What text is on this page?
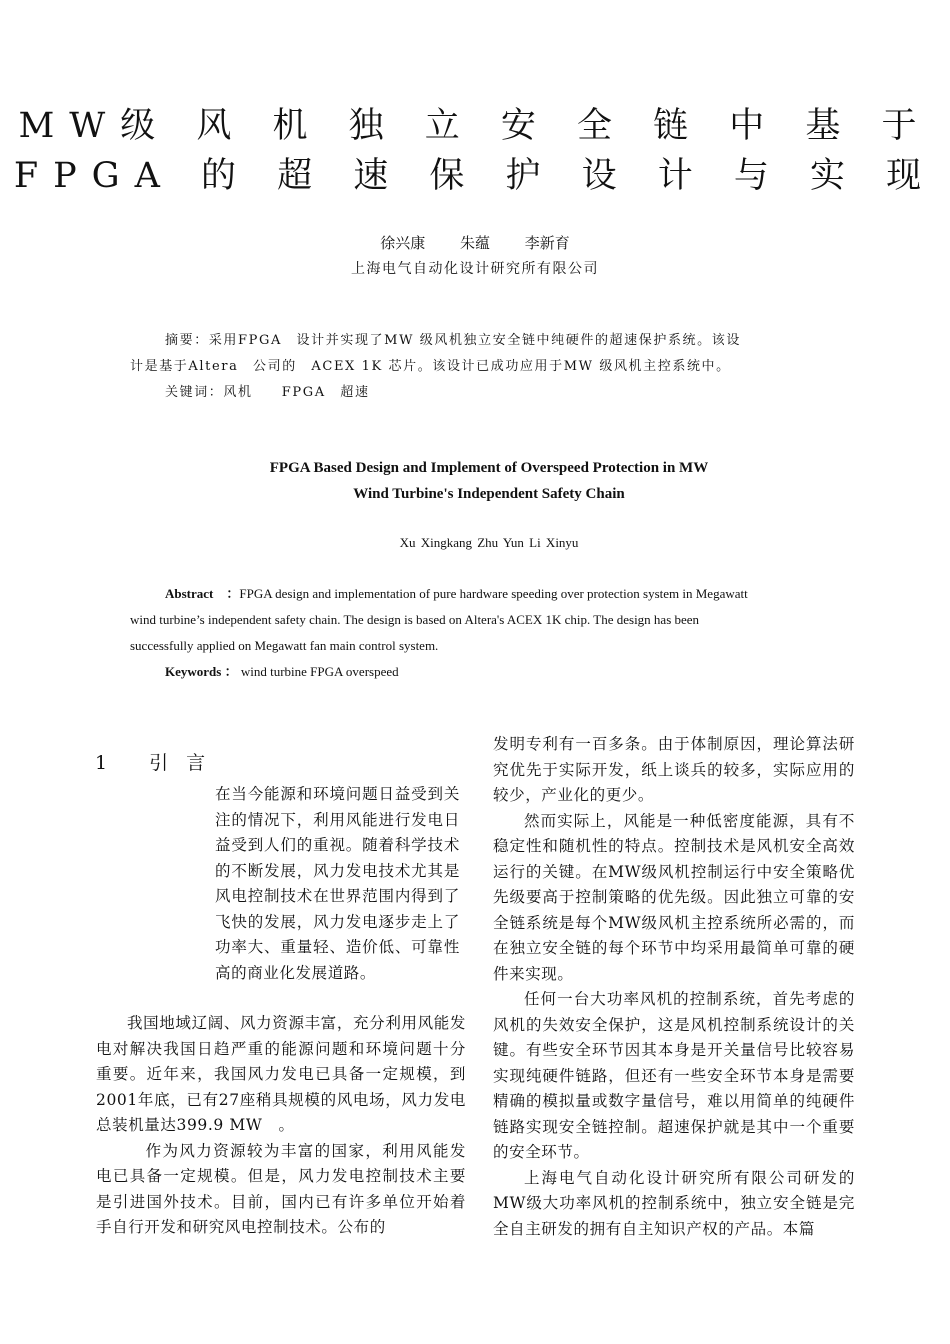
MW级 风 机 独 立 安 全 链 中 基 于
FPGA 的 超 速 保 护 设 计 与 实 现
徐兴康 朱蕴 李新育
上海电气自动化设计研究所有限公司
摘要：采用FPGA　设计并实现了MW 级风机独立安全链中纯硬件的超速保护系统。该设
计是基于Altera　公司的　ACEX 1K 芯片。该设计已成功应用于MW 级风机主控系统中。
关键词：风机　　FPGA　超速
FPGA Based Design and Implement of Overspeed Protection in MW
Wind Turbine's Independent Safety Chain
Xu Xingkang Zhu Yun Li Xinyu

Abstract　：FPGA design and implementation of pure hardware speeding over protection system in Megawatt

wind turbine’s independent safety chain. The design is based on Altera's ACEX 1K chip. The design has been

successfully applied on Megawatt fan main control system.

Keywords ： wind turbine FPGA overspeed

1 引言

在当今能源和环境问题日益受到关注的情况下，利用风能进行发电日益受到人们的重视。随着科学技术的不断发展，风力发电技术尤其是风电控制技术在世界范围内得到了飞快的发展，风力发电逐步走上了功率大、重量轻、造价低、可靠性高的商业化发展道路。

我国地域辽阔、风力资源丰富，充分利用风能发电对解决我国日趋严重的能源问题和环境问题十分重要。近年来，我国风力发电已具备一定规模，到2001年底，已有27座稍具规模的风电场，风力发电总装机量达399.9 MW　。

作为风力资源较为丰富的国家，利用风能发电已具备一定规模。但是，风力发电控制技术主要是引进国外技术。目前，国内已有许多单位开始着手自行开发和研究风电控制技术。公布的

发明专利有一百多条。由于体制原因，理论算法研究优先于实际开发，纸上谈兵的较多，实际应用的较少，产业化的更少。

然而实际上，风能是一种低密度能源，具有不稳定性和随机性的特点。控制技术是风机安全高效运行的关键。在MW级风机控制运行中安全策略优先级要高于控制策略的优先级。因此独立可靠的安全链系统是每个MW级风机主控系统所必需的，而在独立安全链的每个环节中均采用最简单可靠的硬件来实现。

任何一台大功率风机的控制系统，首先考虑的风机的失效安全保护，这是风机控制系统设计的关键。有些安全环节因其本身是开关量信号比较容易实现纯硬件链路，但还有一些安全环节本身是需要精确的模拟量或数字量信号，难以用简单的纯硬件链路实现安全链控制。超速保护就是其中一个重要的安全环节。

上海电气自动化设计研究所有限公司研发的MW级大功率风机的控制系统中，独立安全链是完全自主研发的拥有自主知识产权的产品。本篇
